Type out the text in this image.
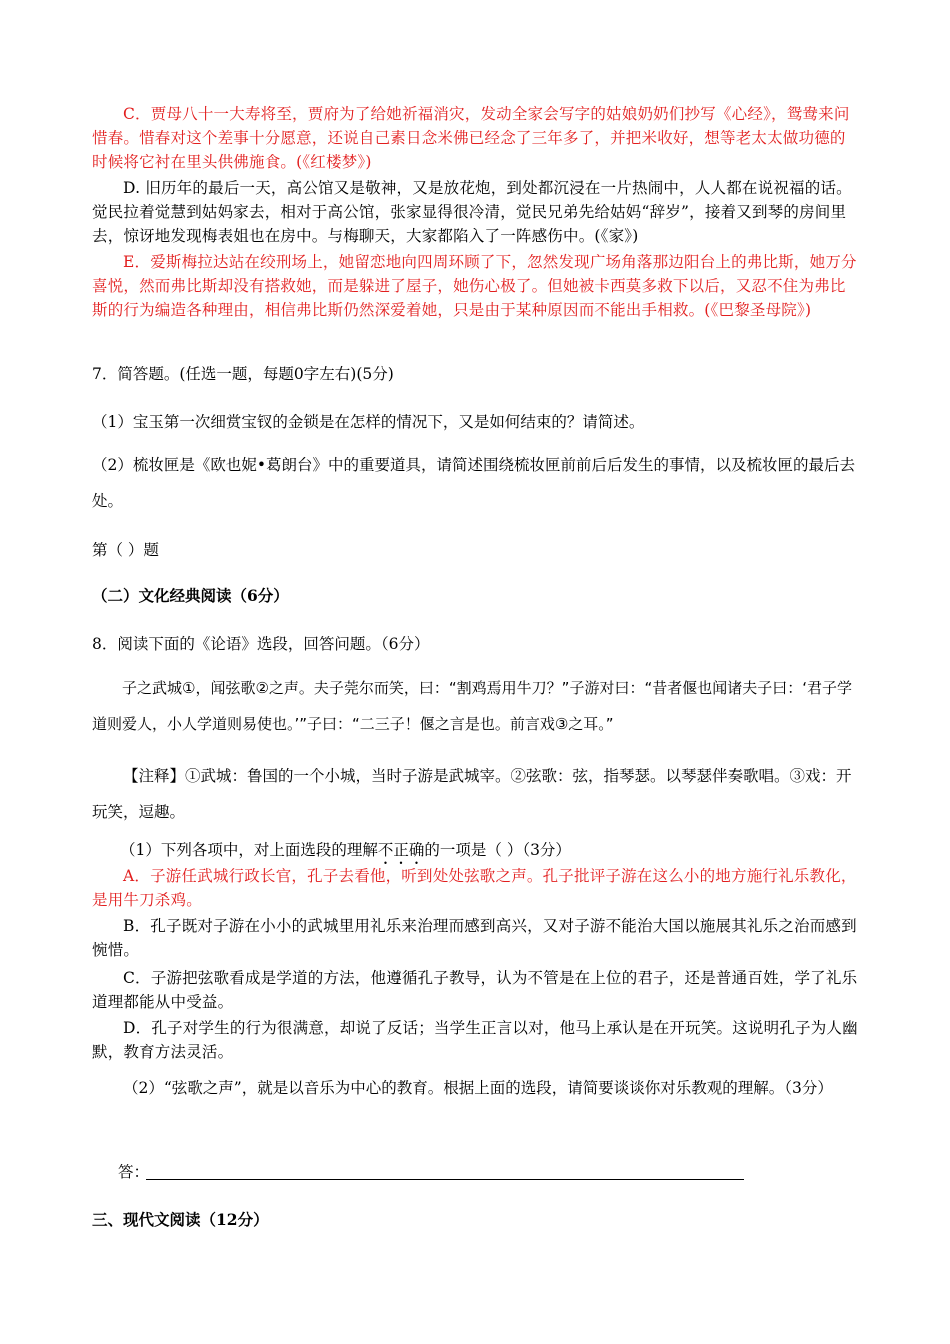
C．贾母八十一大寿将至，贾府为了给她祈福消灾，发动全家会写字的姑娘奶奶们抄写《心经》，鸳鸯来问惜春。惜春对这个差事十分愿意，还说自己素日念米佛已经念了三年多了，并把米收好，想等老太太做功德的时候将它衬在里头供佛施食。(《红楼梦》)

D. 旧历年的最后一天，高公馆又是敬神，又是放花炮，到处都沉浸在一片热闹中，人人都在说祝福的话。觉民拉着觉慧到姑妈家去，相对于高公馆，张家显得很冷清，觉民兄弟先给姑妈“辞岁”，接着又到琴的房间里去，惊讶地发现梅表姐也在房中。与梅聊天，大家都陷入了一阵感伤中。(《家》)

E．爱斯梅拉达站在绞刑场上，她留恋地向四周环顾了下，忽然发现广场角落那边阳台上的弗比斯，她万分喜悦，然而弗比斯却没有搭救她，而是躲进了屋子，她伤心极了。但她被卡西莫多救下以后，又忍不住为弗比斯的行为编造各种理由，相信弗比斯仍然深爱着她，只是由于某种原因而不能出手相救。(《巴黎圣母院》)

7．简答题。(任选一题，每题0字左右)(5分)

（1）宝玉第一次细赏宝钗的金锁是在怎样的情况下，又是如何结束的？请简述。

（2）梳妆匣是《欧也妮•葛朗台》中的重要道具，请简述围绕梳妆匣前前后后发生的事情，以及梳妆匣的最后去处。

第（ ）题

（二）文化经典阅读（6分）

8．阅读下面的《论语》选段，回答问题。（6分）

子之武城①，闻弦歌②之声。夫子莞尔而笑，曰：“割鸡焉用牛刀？”子游对曰：“昔者偃也闻诸夫子曰：‘君子学道则爱人，小人学道则易使也。’”子曰：“二三子！偃之言是也。前言戏③之耳。”

【注释】①武城：鲁国的一个小城，当时子游是武城宰。②弦歌：弦，指琴瑟。以琴瑟伴奏歌唱。③戏：开玩笑，逗趣。

（1）下列各项中，对上面选段的理解不正确的一项是（ ）（3分）

A．子游任武城行政长官，孔子去看他，听到处处弦歌之声。孔子批评子游在这么小的地方施行礼乐教化，是用牛刀杀鸡。

B．孔子既对子游在小小的武城里用礼乐来治理而感到高兴，又对子游不能治大国以施展其礼乐之治而感到惋惜。

C．子游把弦歌看成是学道的方法，他遵循孔子教导，认为不管是在上位的君子，还是普通百姓，学了礼乐道理都能从中受益。

D．孔子对学生的行为很满意，却说了反话；当学生正言以对，他马上承认是在开玩笑。这说明孔子为人幽默，教育方法灵活。

（2）“弦歌之声”，就是以音乐为中心的教育。根据上面的选段，请简要谈谈你对乐教观的理解。（3分）

答：

三、现代文阅读（12分）
